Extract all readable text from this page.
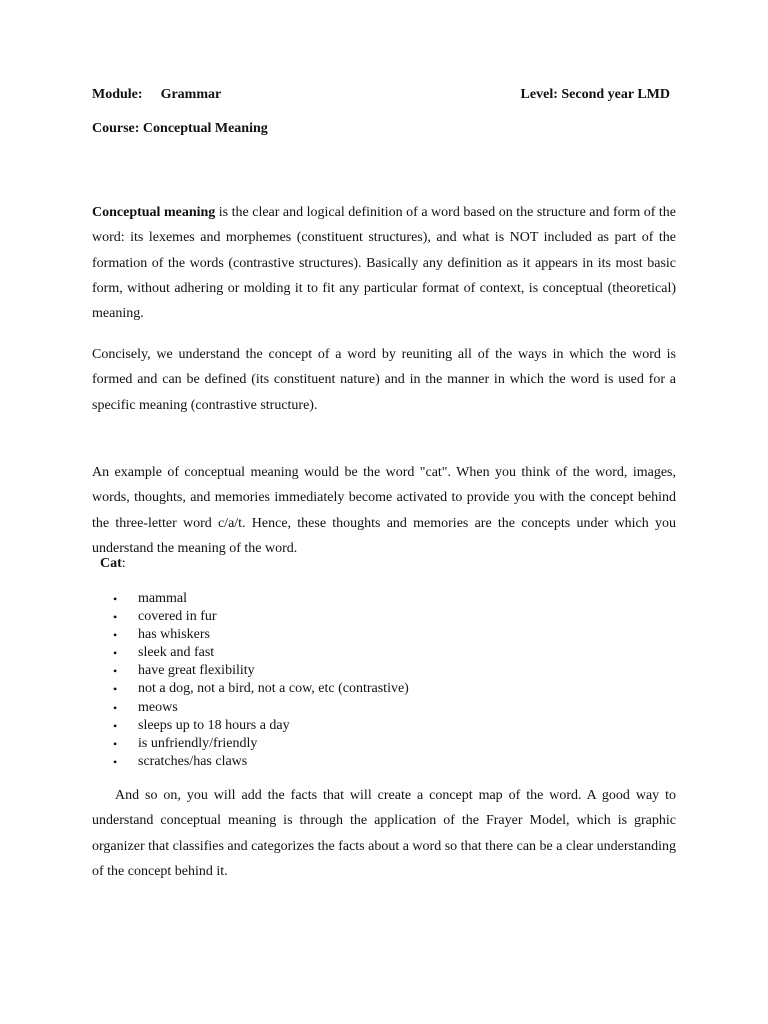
Module: Grammar	Level: Second year LMD
Course: Conceptual Meaning

Conceptual meaning is the clear and logical definition of a word based on the structure and form of the word: its lexemes and morphemes (constituent structures), and what is NOT included as part of the formation of the words (contrastive structures). Basically any definition as it appears in its most basic form, without adhering or molding it to fit any particular format of context, is conceptual (theoretical) meaning.

Concisely, we understand the concept of a word by reuniting all of the ways in which the word is formed and can be defined (its constituent nature) and in the manner in which the word is used for a specific meaning (contrastive structure).

An example of conceptual meaning would be the word "cat". When you think of the word, images, words, thoughts, and memories immediately become activated to provide you with the concept behind the three-letter word c/a/t. Hence, these thoughts and memories are the concepts under which you understand the meaning of the word.

Cat:
• mammal
• covered in fur
• has whiskers
• sleek and fast
• have great flexibility
• not a dog, not a bird, not a cow, etc (contrastive)
• meows
• sleeps up to 18 hours a day
• is unfriendly/friendly
• scratches/has claws

And so on, you will add the facts that will create a concept map of the word. A good way to understand conceptual meaning is through the application of the Frayer Model, which is graphic organizer that classifies and categorizes the facts about a word so that there can be a clear understanding of the concept behind it.
